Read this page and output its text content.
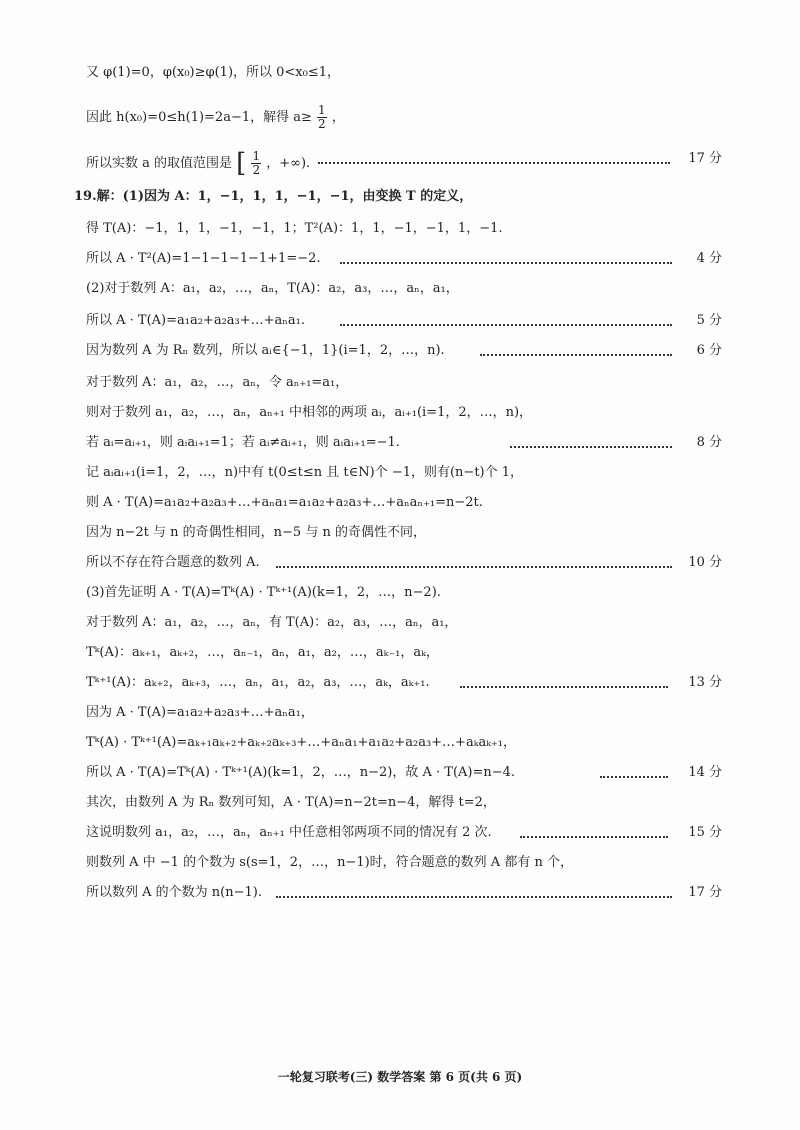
又 φ(1)=0，φ(x₀)≥φ(1)，所以 0<x₀≤1，
因此 h(x₀)=0≤h(1)=2a−1，解得 $a\ge \frac{1}{2}$ ，
所以实数 a 的取值范围是 [ $\frac{1}{2}$ ，+∞).	17 分
19.解：(1)因为 A：1，−1，1，1，−1，−1，由变换 T 的定义，
得 T(A)：−1，1，1，−1，−1，1；T²(A)：1，1，−1，−1，1，−1.
所以 A · T²(A)=1−1−1−1−1+1=−2.	4 分
(2)对于数列 A：a₁，a₂，…，aₙ，T(A)：a₂，a₃，…，aₙ，a₁，
所以 A · T(A)=a₁a₂+a₂a₃+…+aₙa₁.	5 分
因为数列 A 为 Rₙ 数列，所以 aᵢ∈{−1，1}(i=1，2，…，n).	6 分
对于数列 A：a₁，a₂，…，aₙ，令 aₙ₊₁=a₁，
则对于数列 a₁，a₂，…，aₙ，aₙ₊₁ 中相邻的两项 aᵢ，aᵢ₊₁(i=1，2，…，n)，
若 aᵢ=aᵢ₊₁，则 aᵢaᵢ₊₁=1；若 aᵢ≠aᵢ₊₁，则 aᵢaᵢ₊₁=−1.	8 分
记 aᵢaᵢ₊₁(i=1，2，…，n)中有 t(0≤t≤n 且 t∈N)个 −1，则有(n−t)个 1，
则 A · T(A)=a₁a₂+a₂a₃+…+aₙa₁=a₁a₂+a₂a₃+…+aₙaₙ₊₁=n−2t.
因为 n−2t 与 n 的奇偶性相同，n−5 与 n 的奇偶性不同，
所以不存在符合题意的数列 A.	10 分
(3)首先证明 A · T(A)=Tᵏ(A) · Tᵏ⁺¹(A)(k=1，2，…，n−2).
对于数列 A：a₁，a₂，…，aₙ，有 T(A)：a₂，a₃，…，aₙ，a₁，
Tᵏ(A)：aₖ₊₁，aₖ₊₂，…，aₙ₋₁，aₙ，a₁，a₂，…，aₖ₋₁，aₖ，
Tᵏ⁺¹(A)：aₖ₊₂，aₖ₊₃，…，aₙ，a₁，a₂，a₃，…，aₖ，aₖ₊₁.	13 分
因为 A · T(A)=a₁a₂+a₂a₃+…+aₙa₁，
Tᵏ(A) · Tᵏ⁺¹(A)=aₖ₊₁aₖ₊₂+aₖ₊₂aₖ₊₃+…+aₙa₁+a₁a₂+a₂a₃+…+aₖaₖ₊₁，
所以 A · T(A)=Tᵏ(A) · Tᵏ⁺¹(A)(k=1，2，…，n−2)，故 A · T(A)=n−4.	14 分
其次，由数列 A 为 Rₙ 数列可知，A · T(A)=n−2t=n−4，解得 t=2，
这说明数列 a₁，a₂，…，aₙ，aₙ₊₁ 中任意相邻两项不同的情况有 2 次.	15 分
则数列 A 中 −1 的个数为 s(s=1，2，…，n−1)时，符合题意的数列 A 都有 n 个，
所以数列 A 的个数为 n(n−1).	17 分
一轮复习联考(三) 数学答案 第 6 页(共 6 页)
